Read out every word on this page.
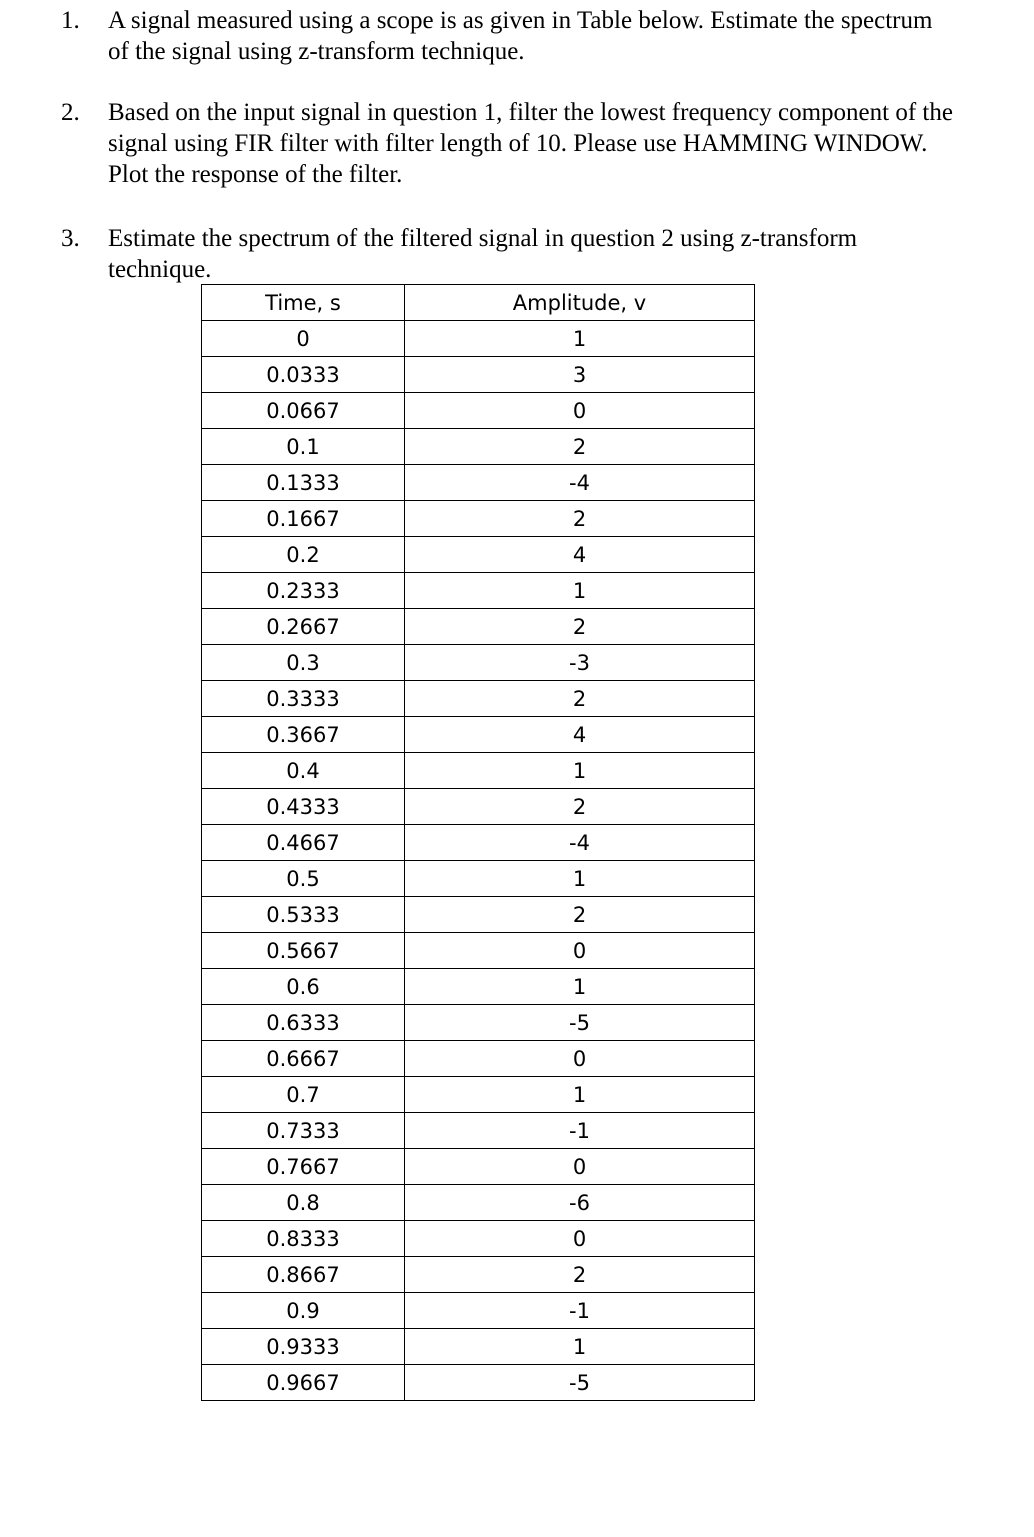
1. A signal measured using a scope is as given in Table below. Estimate the spectrum
of the signal using z-transform technique.
2. Based on the input signal in question 1, filter the lowest frequency component of the
signal using FIR filter with filter length of 10. Please use HAMMING WINDOW.
Plot the response of the filter.
3. Estimate the spectrum of the filtered signal in question 2 using z-transform
technique.
Time, s	Amplitude, v
0	1
0.0333	3
0.0667	0
0.1	2
0.1333	-4
0.1667	2
0.2	4
0.2333	1
0.2667	2
0.3	-3
0.3333	2
0.3667	4
0.4	1
0.4333	2
0.4667	-4
0.5	1
0.5333	2
0.5667	0
0.6	1
0.6333	-5
0.6667	0
0.7	1
0.7333	-1
0.7667	0
0.8	-6
0.8333	0
0.8667	2
0.9	-1
0.9333	1
0.9667	-5
